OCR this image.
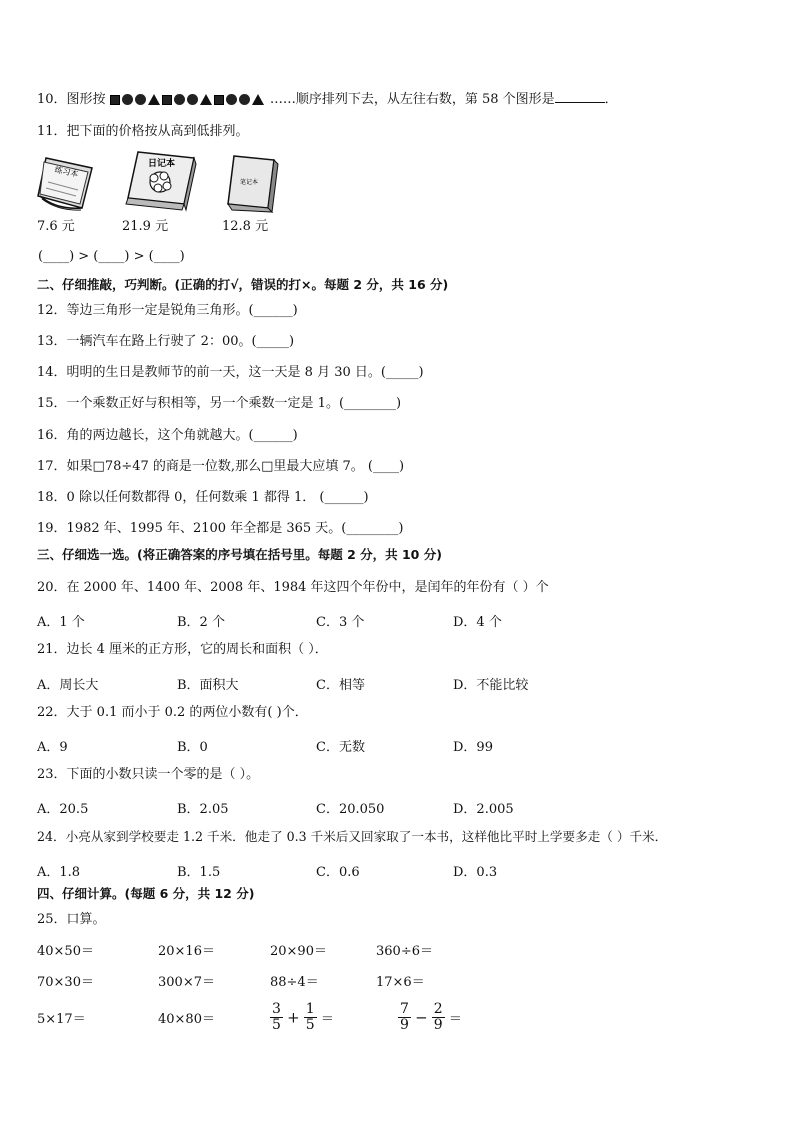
10．图形按	……顺序排列下去，从左往右数，第 58 个图形是	．
11．把下面的价格按从高到低排列。
练习本
日记本
笔记本
7.6 元	21.9 元	12.8 元
(____) > (____) > (____)
二、仔细推敲，巧判断。(正确的打√，错误的打×。每题 2 分，共 16 分)
12．等边三角形一定是锐角三角形。(______)
13．一辆汽车在路上行驶了 2：00。(_____)
14．明明的生日是教师节的前一天，这一天是 8 月 30 日。(_____)
15．一个乘数正好与积相等，另一个乘数一定是 1。(________)
16．角的两边越长，这个角就越大。(______)
17．如果□78÷47 的商是一位数,那么□里最大应填 7。 (____)
18．0 除以任何数都得 0，任何数乘 1 都得 1． (______)
19．1982 年、1995 年、2100 年全都是 365 天。(________)
三、仔细选一选。(将正确答案的序号填在括号里。每题 2 分，共 10 分)
20．在 2000 年、1400 年、2008 年、1984 年这四个年份中，是闰年的年份有（ ）个
A．1 个	B．2 个	C．3 个	D．4 个
21．边长 4 厘米的正方形，它的周长和面积（ ）．
A．周长大	B．面积大	C．相等	D．不能比较
22．大于 0.1 而小于 0.2 的两位小数有( )个．
A．9	B．0	C．无数	D．99
23．下面的小数只读一个零的是（ ）。
A．20.5	B．2.05	C．20.050	D．2.005
24．小亮从家到学校要走 1.2 千米．他走了 0.3 千米后又回家取了一本书，这样他比平时上学要多走（ ）千米．
A．1.8	B．1.5	C．0.6	D．0.3
四、仔细计算。(每题 6 分，共 12 分)
25．口算。
40×50＝	20×16＝	20×90＝	360÷6＝
70×30＝	300×7＝	88÷4＝	17×6＝
5×17＝	40×80＝	$\frac{3}{5} + \frac{1}{5}$ ＝	$\frac{7}{9} - \frac{2}{9}$ ＝
